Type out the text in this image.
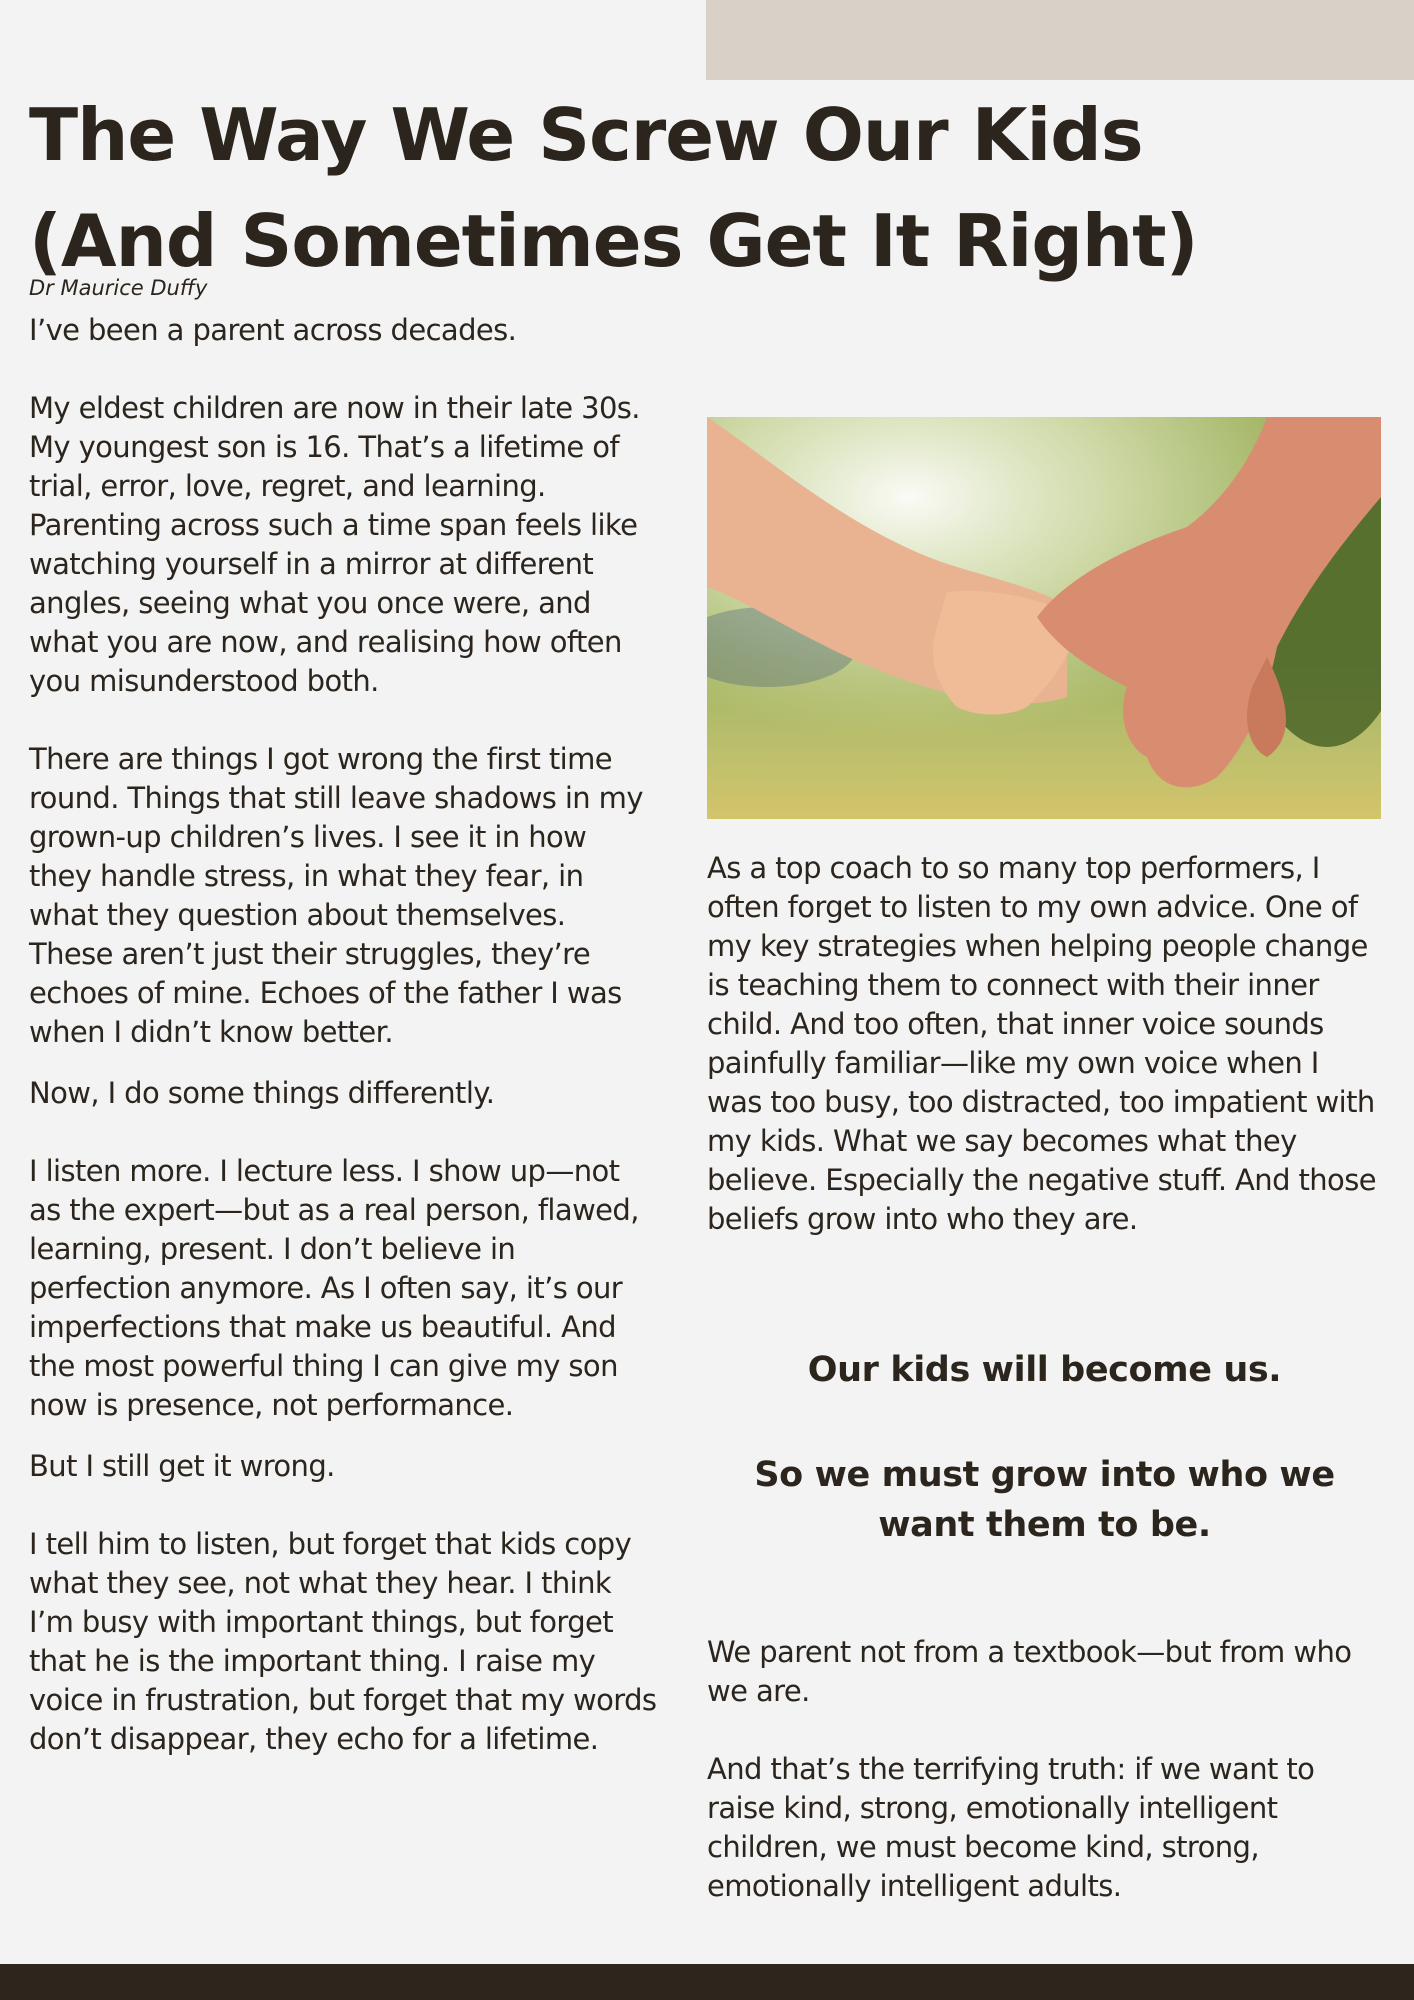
The Way We Screw Our Kids
(And Sometimes Get It Right)
Dr Maurice Duffy

I’ve been a parent across decades.

My eldest children are now in their late 30s. My youngest son is 16. That’s a lifetime of trial, error, love, regret, and learning. Parenting across such a time span feels like watching yourself in a mirror at different angles, seeing what you once were, and what you are now, and realising how often you misunderstood both.

There are things I got wrong the first time round. Things that still leave shadows in my grown-up children’s lives. I see it in how they handle stress, in what they fear, in what they question about themselves. These aren’t just their struggles, they’re echoes of mine. Echoes of the father I was when I didn’t know better.

Now, I do some things differently.

I listen more. I lecture less. I show up—not as the expert—but as a real person, flawed, learning, present. I don’t believe in perfection anymore. As I often say, it’s our imperfections that make us beautiful. And the most powerful thing I can give my son now is presence, not performance.

But I still get it wrong.

I tell him to listen, but forget that kids copy what they see, not what they hear. I think I’m busy with important things, but forget that he is the important thing. I raise my voice in frustration, but forget that my words don’t disappear, they echo for a lifetime.

As a top coach to so many top performers, I often forget to listen to my own advice. One of my key strategies when helping people change is teaching them to connect with their inner child. And too often, that inner voice sounds painfully familiar—like my own voice when I was too busy, too distracted, too impatient with my kids. What we say becomes what they believe. Especially the negative stuff. And those beliefs grow into who they are.

Our kids will become us.

So we must grow into who we want them to be.

We parent not from a textbook—but from who we are.

And that’s the terrifying truth: if we want to raise kind, strong, emotionally intelligent children, we must become kind, strong, emotionally intelligent adults.
